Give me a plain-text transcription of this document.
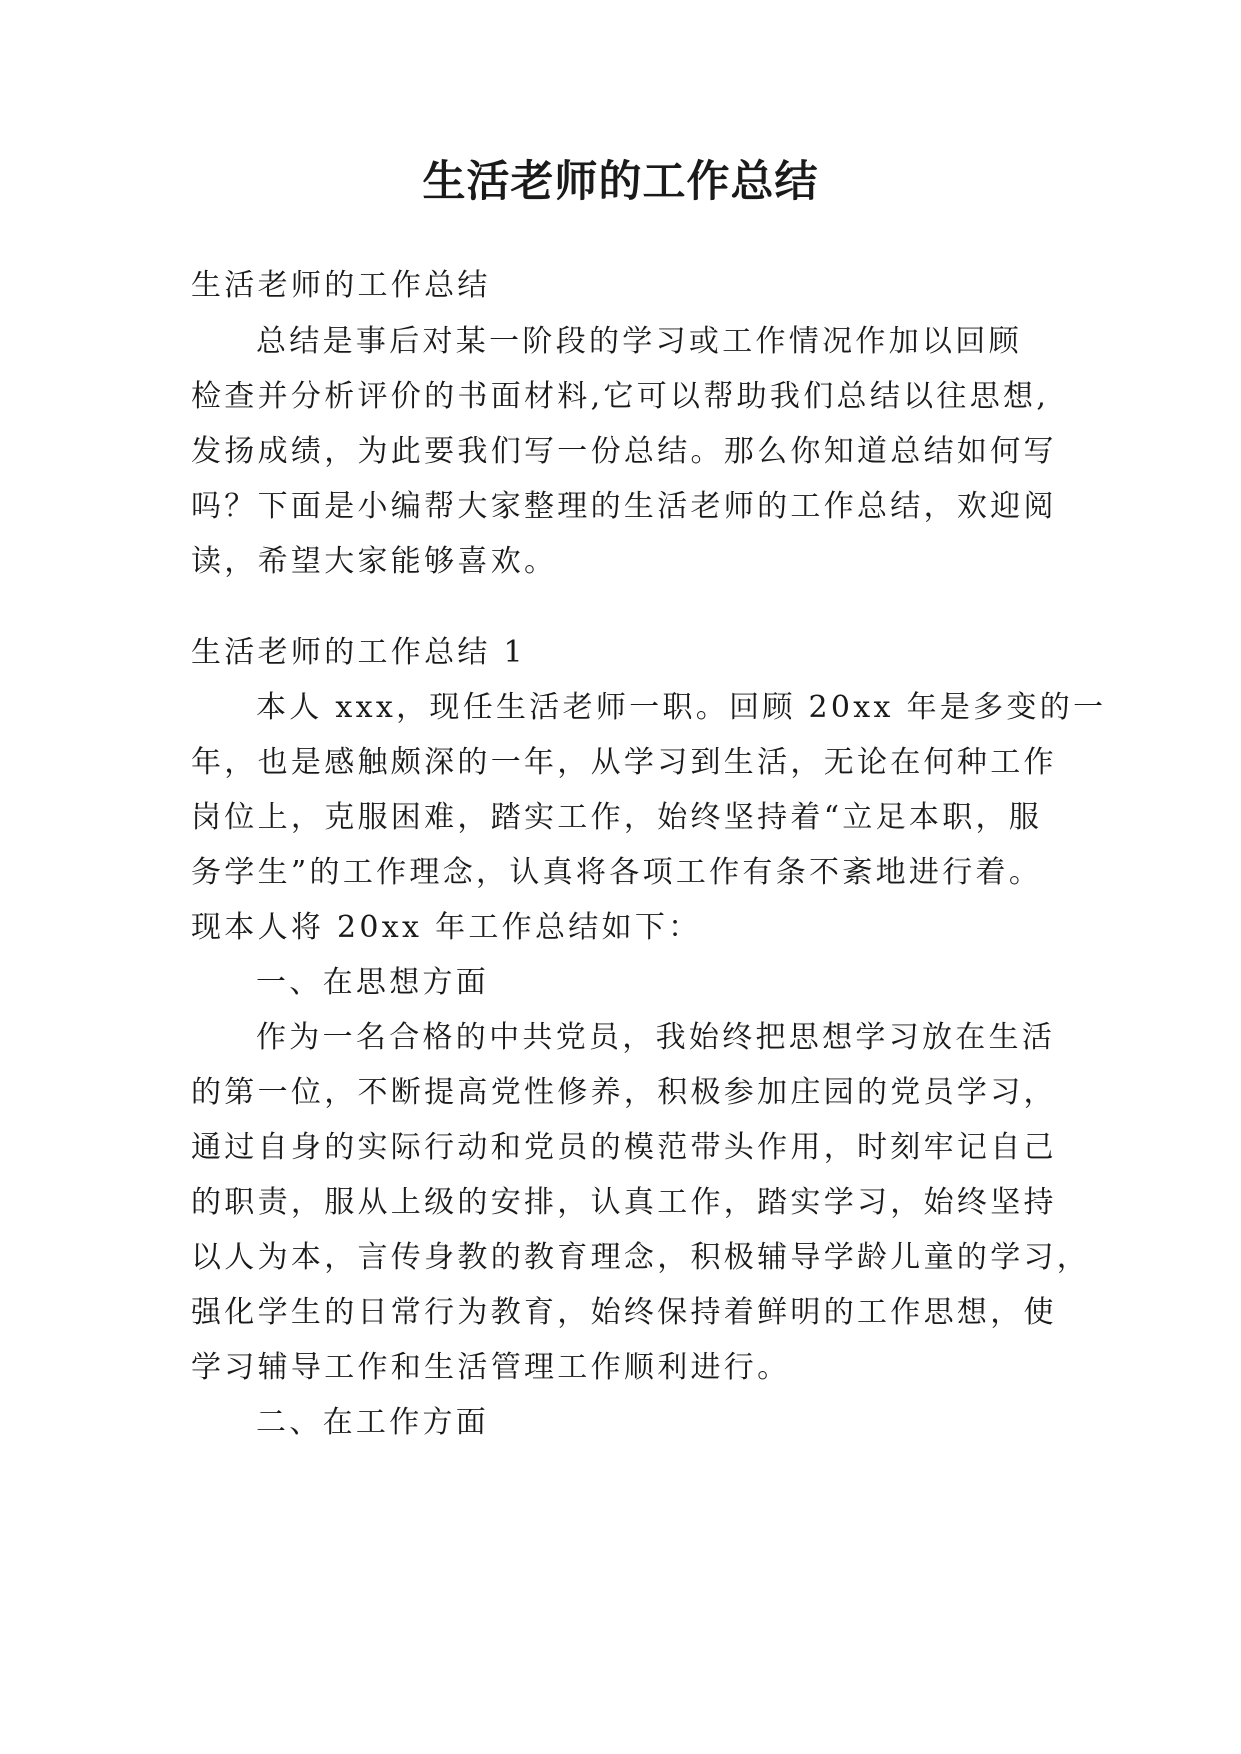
生活老师的工作总结
生活老师的工作总结
总结是事后对某一阶段的学习或工作情况作加以回顾
检查并分析评价的书面材料,它可以帮助我们总结以往思想,
发扬成绩，为此要我们写一份总结。那么你知道总结如何写
吗？下面是小编帮大家整理的生活老师的工作总结，欢迎阅
读，希望大家能够喜欢。
生活老师的工作总结 1
本人 xxx，现任生活老师一职。回顾 20xx 年是多变的一
年，也是感触颇深的一年，从学习到生活，无论在何种工作
岗位上，克服困难，踏实工作，始终坚持着“立足本职，服
务学生”的工作理念，认真将各项工作有条不紊地进行着。
现本人将 20xx 年工作总结如下：
一、在思想方面
作为一名合格的中共党员，我始终把思想学习放在生活
的第一位，不断提高党性修养，积极参加庄园的党员学习，
通过自身的实际行动和党员的模范带头作用，时刻牢记自己
的职责，服从上级的安排，认真工作，踏实学习，始终坚持
以人为本，言传身教的教育理念，积极辅导学龄儿童的学习，
强化学生的日常行为教育，始终保持着鲜明的工作思想，使
学习辅导工作和生活管理工作顺利进行。
二、在工作方面
